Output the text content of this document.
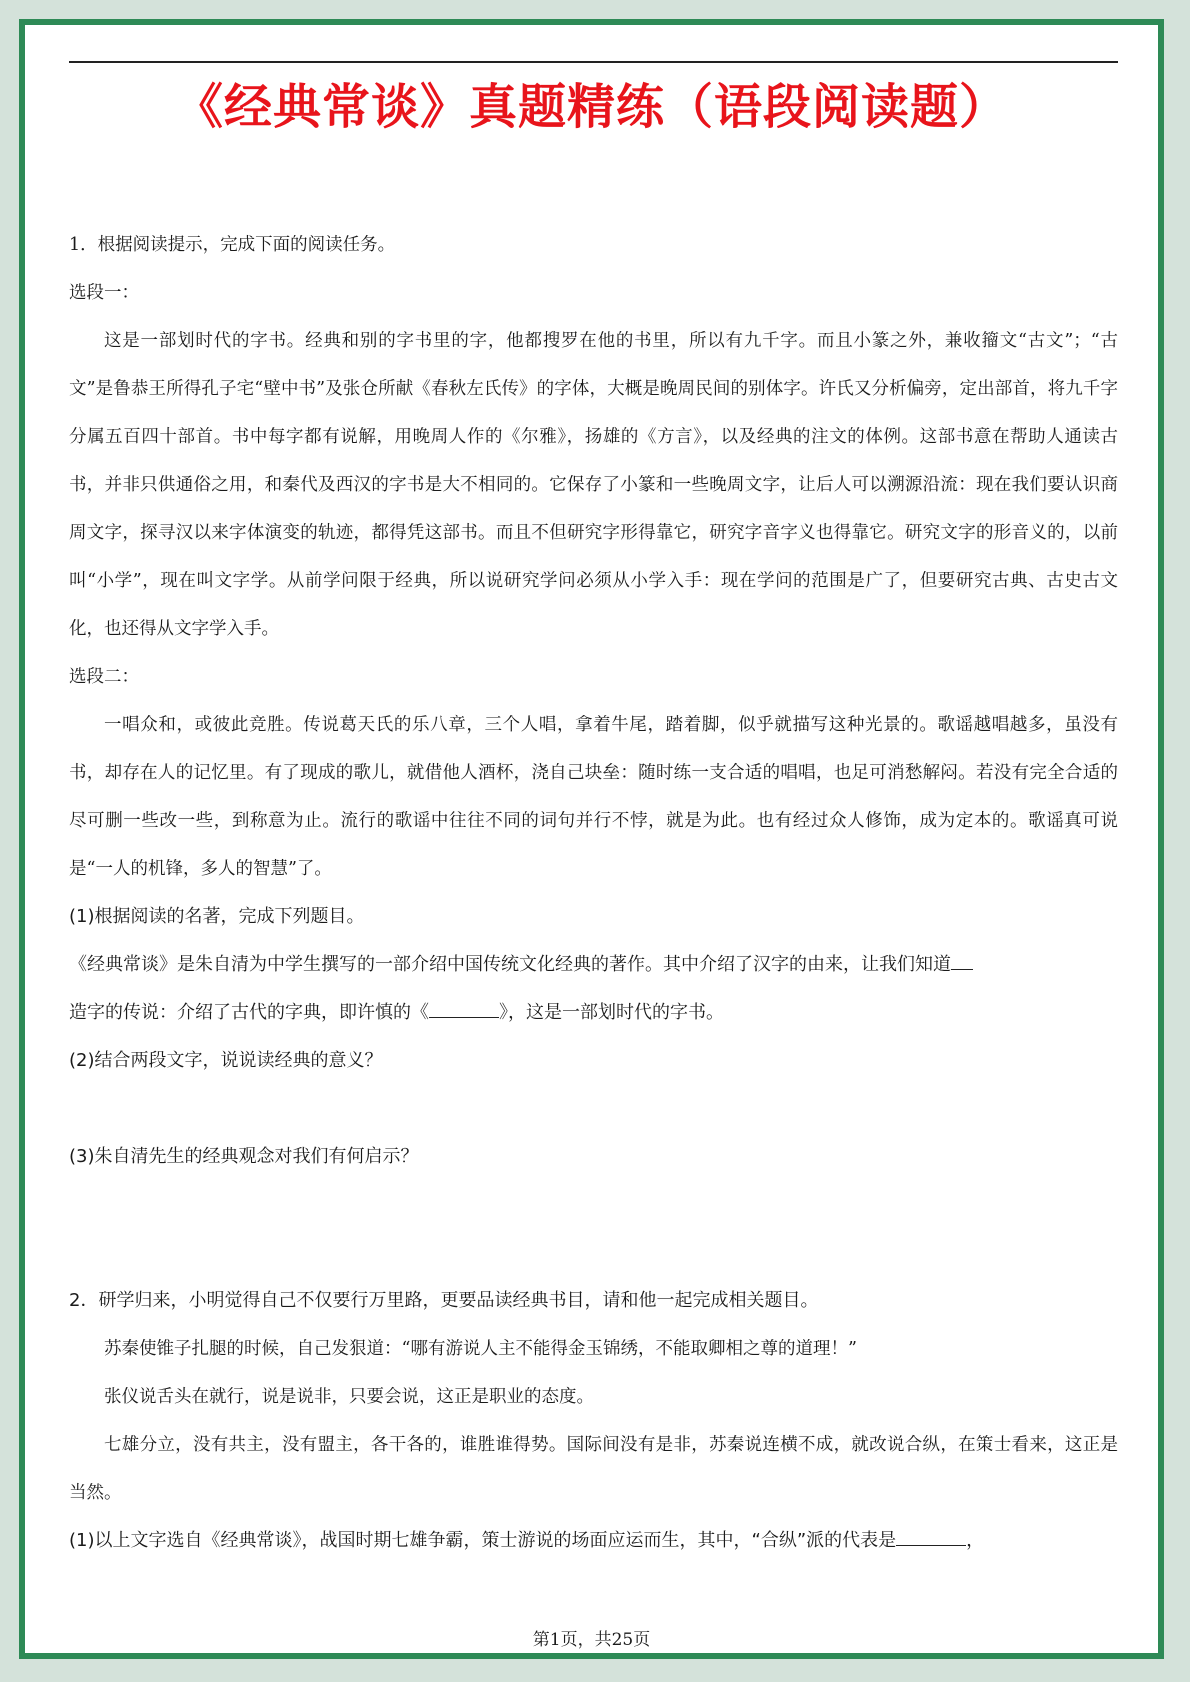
《经典常谈》真题精练（语段阅读题）
1．根据阅读提示，完成下面的阅读任务。
选段一：
这是一部划时代的字书。经典和别的字书里的字，他都搜罗在他的书里，所以有九千字。而且小篆之外，兼收籀文“古文”；“古文”是鲁恭王所得孔子宅“壁中书”及张仓所献《春秋左氏传》的字体，大概是晚周民间的别体字。许氏又分析偏旁，定出部首，将九千字分属五百四十部首。书中每字都有说解，用晚周人作的《尔雅》，扬雄的《方言》，以及经典的注文的体例。这部书意在帮助人通读古书，并非只供通俗之用，和秦代及西汉的字书是大不相同的。它保存了小篆和一些晚周文字，让后人可以溯源沿流：现在我们要认识商周文字，探寻汉以来字体演变的轨迹，都得凭这部书。而且不但研究字形得靠它，研究字音字义也得靠它。研究文字的形音义的，以前叫“小学”，现在叫文字学。从前学问限于经典，所以说研究学问必须从小学入手：现在学问的范围是广了，但要研究古典、古史古文化，也还得从文字学入手。
选段二：
一唱众和，或彼此竞胜。传说葛天氏的乐八章，三个人唱，拿着牛尾，踏着脚，似乎就描写这种光景的。歌谣越唱越多，虽没有书，却存在人的记忆里。有了现成的歌儿，就借他人酒杯，浇自己块垒：随时练一支合适的唱唱，也足可消愁解闷。若没有完全合适的尽可删一些改一些，到称意为止。流行的歌谣中往往不同的词句并行不悖，就是为此。也有经过众人修饰，成为定本的。歌谣真可说是“一人的机锋，多人的智慧”了。
(1)根据阅读的名著，完成下列题目。
《经典常谈》是朱自清为中学生撰写的一部介绍中国传统文化经典的著作。其中介绍了汉字的由来，让我们知道
造字的传说：介绍了古代的字典，即许慎的《	》，这是一部划时代的字书。
(2)结合两段文字，说说读经典的意义？
(3)朱自清先生的经典观念对我们有何启示？
2．研学归来，小明觉得自己不仅要行万里路，更要品读经典书目，请和他一起完成相关题目。
苏秦使锥子扎腿的时候，自己发狠道：“哪有游说人主不能得金玉锦绣，不能取卿相之尊的道理！”
张仪说舌头在就行，说是说非，只要会说，这正是职业的态度。
七雄分立，没有共主，没有盟主，各干各的，谁胜谁得势。国际间没有是非，苏秦说连横不成，就改说合纵，在策士看来，这正是当然。
(1)以上文字选自《经典常谈》，战国时期七雄争霸，策士游说的场面应运而生，其中，“合纵”派的代表是	，
第1页，共25页
